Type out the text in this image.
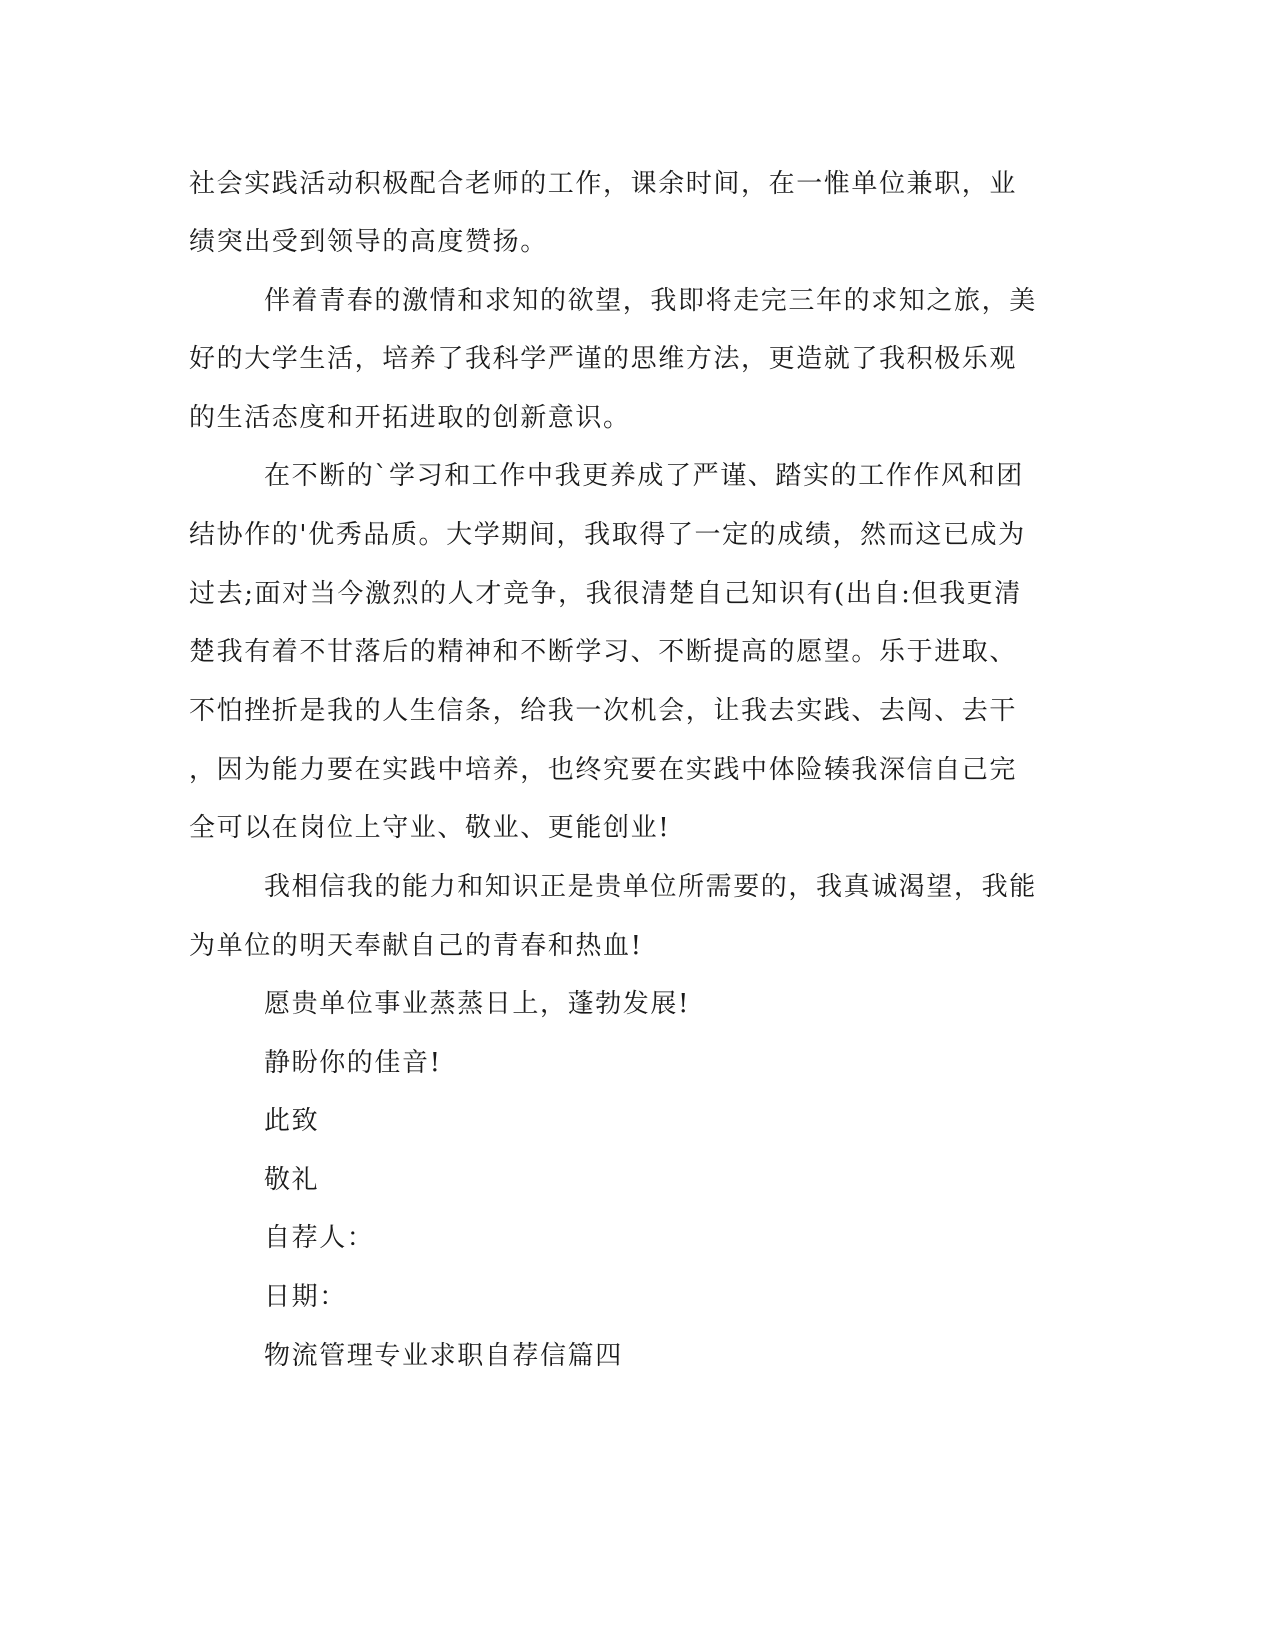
社会实践活动积极配合老师的工作，课余时间，在一惟单位兼职，业
绩突出受到领导的高度赞扬。
伴着青春的激情和求知的欲望，我即将走完三年的求知之旅，美
好的大学生活，培养了我科学严谨的思维方法，更造就了我积极乐观
的生活态度和开拓进取的创新意识。
在不断的`学习和工作中我更养成了严谨、踏实的工作作风和团
结协作的'优秀品质。大学期间，我取得了一定的成绩，然而这已成为
过去;面对当今激烈的人才竞争，我很清楚自己知识有(出自:但我更清
楚我有着不甘落后的精神和不断学习、不断提高的愿望。乐于进取、
不怕挫折是我的人生信条，给我一次机会，让我去实践、去闯、去干
，因为能力要在实践中培养，也终究要在实践中体险辏我深信自己完
全可以在岗位上守业、敬业、更能创业!
我相信我的能力和知识正是贵单位所需要的，我真诚渴望，我能
为单位的明天奉献自己的青春和热血!
愿贵单位事业蒸蒸日上，蓬勃发展!
静盼你的佳音!
此致
敬礼
自荐人：
日期：
物流管理专业求职自荐信篇四
